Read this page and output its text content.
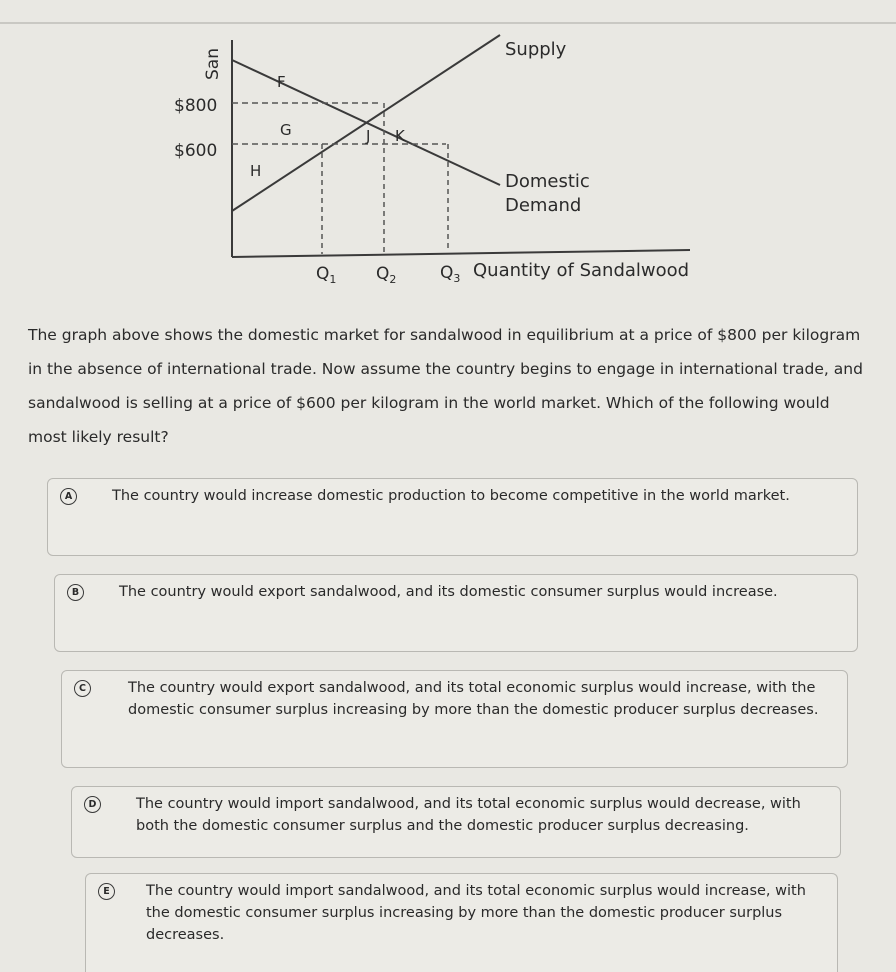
San
$800
$600
Supply
Domestic
Demand
F
G
H
J K
$Q_1$ $Q_2$	$Q_3$ Quantity of Sandalwood
The graph above shows the domestic market for sandalwood in equilibrium at a price of $800 per kilogram in the absence of international trade. Now assume the country begins to engage in international trade, and sandalwood is selling at a price of $600 per kilogram in the world market. Which of the following would most likely result?
A	The country would increase domestic production to become competitive in the world market.
B	The country would export sandalwood, and its domestic consumer surplus would increase.
C	The country would export sandalwood, and its total economic surplus would increase, with the domestic consumer surplus increasing by more than the domestic producer surplus decreases.
D	The country would import sandalwood, and its total economic surplus would decrease, with both the domestic consumer surplus and the domestic producer surplus decreasing.
E	The country would import sandalwood, and its total economic surplus would increase, with the domestic consumer surplus increasing by more than the domestic producer surplus decreases.
